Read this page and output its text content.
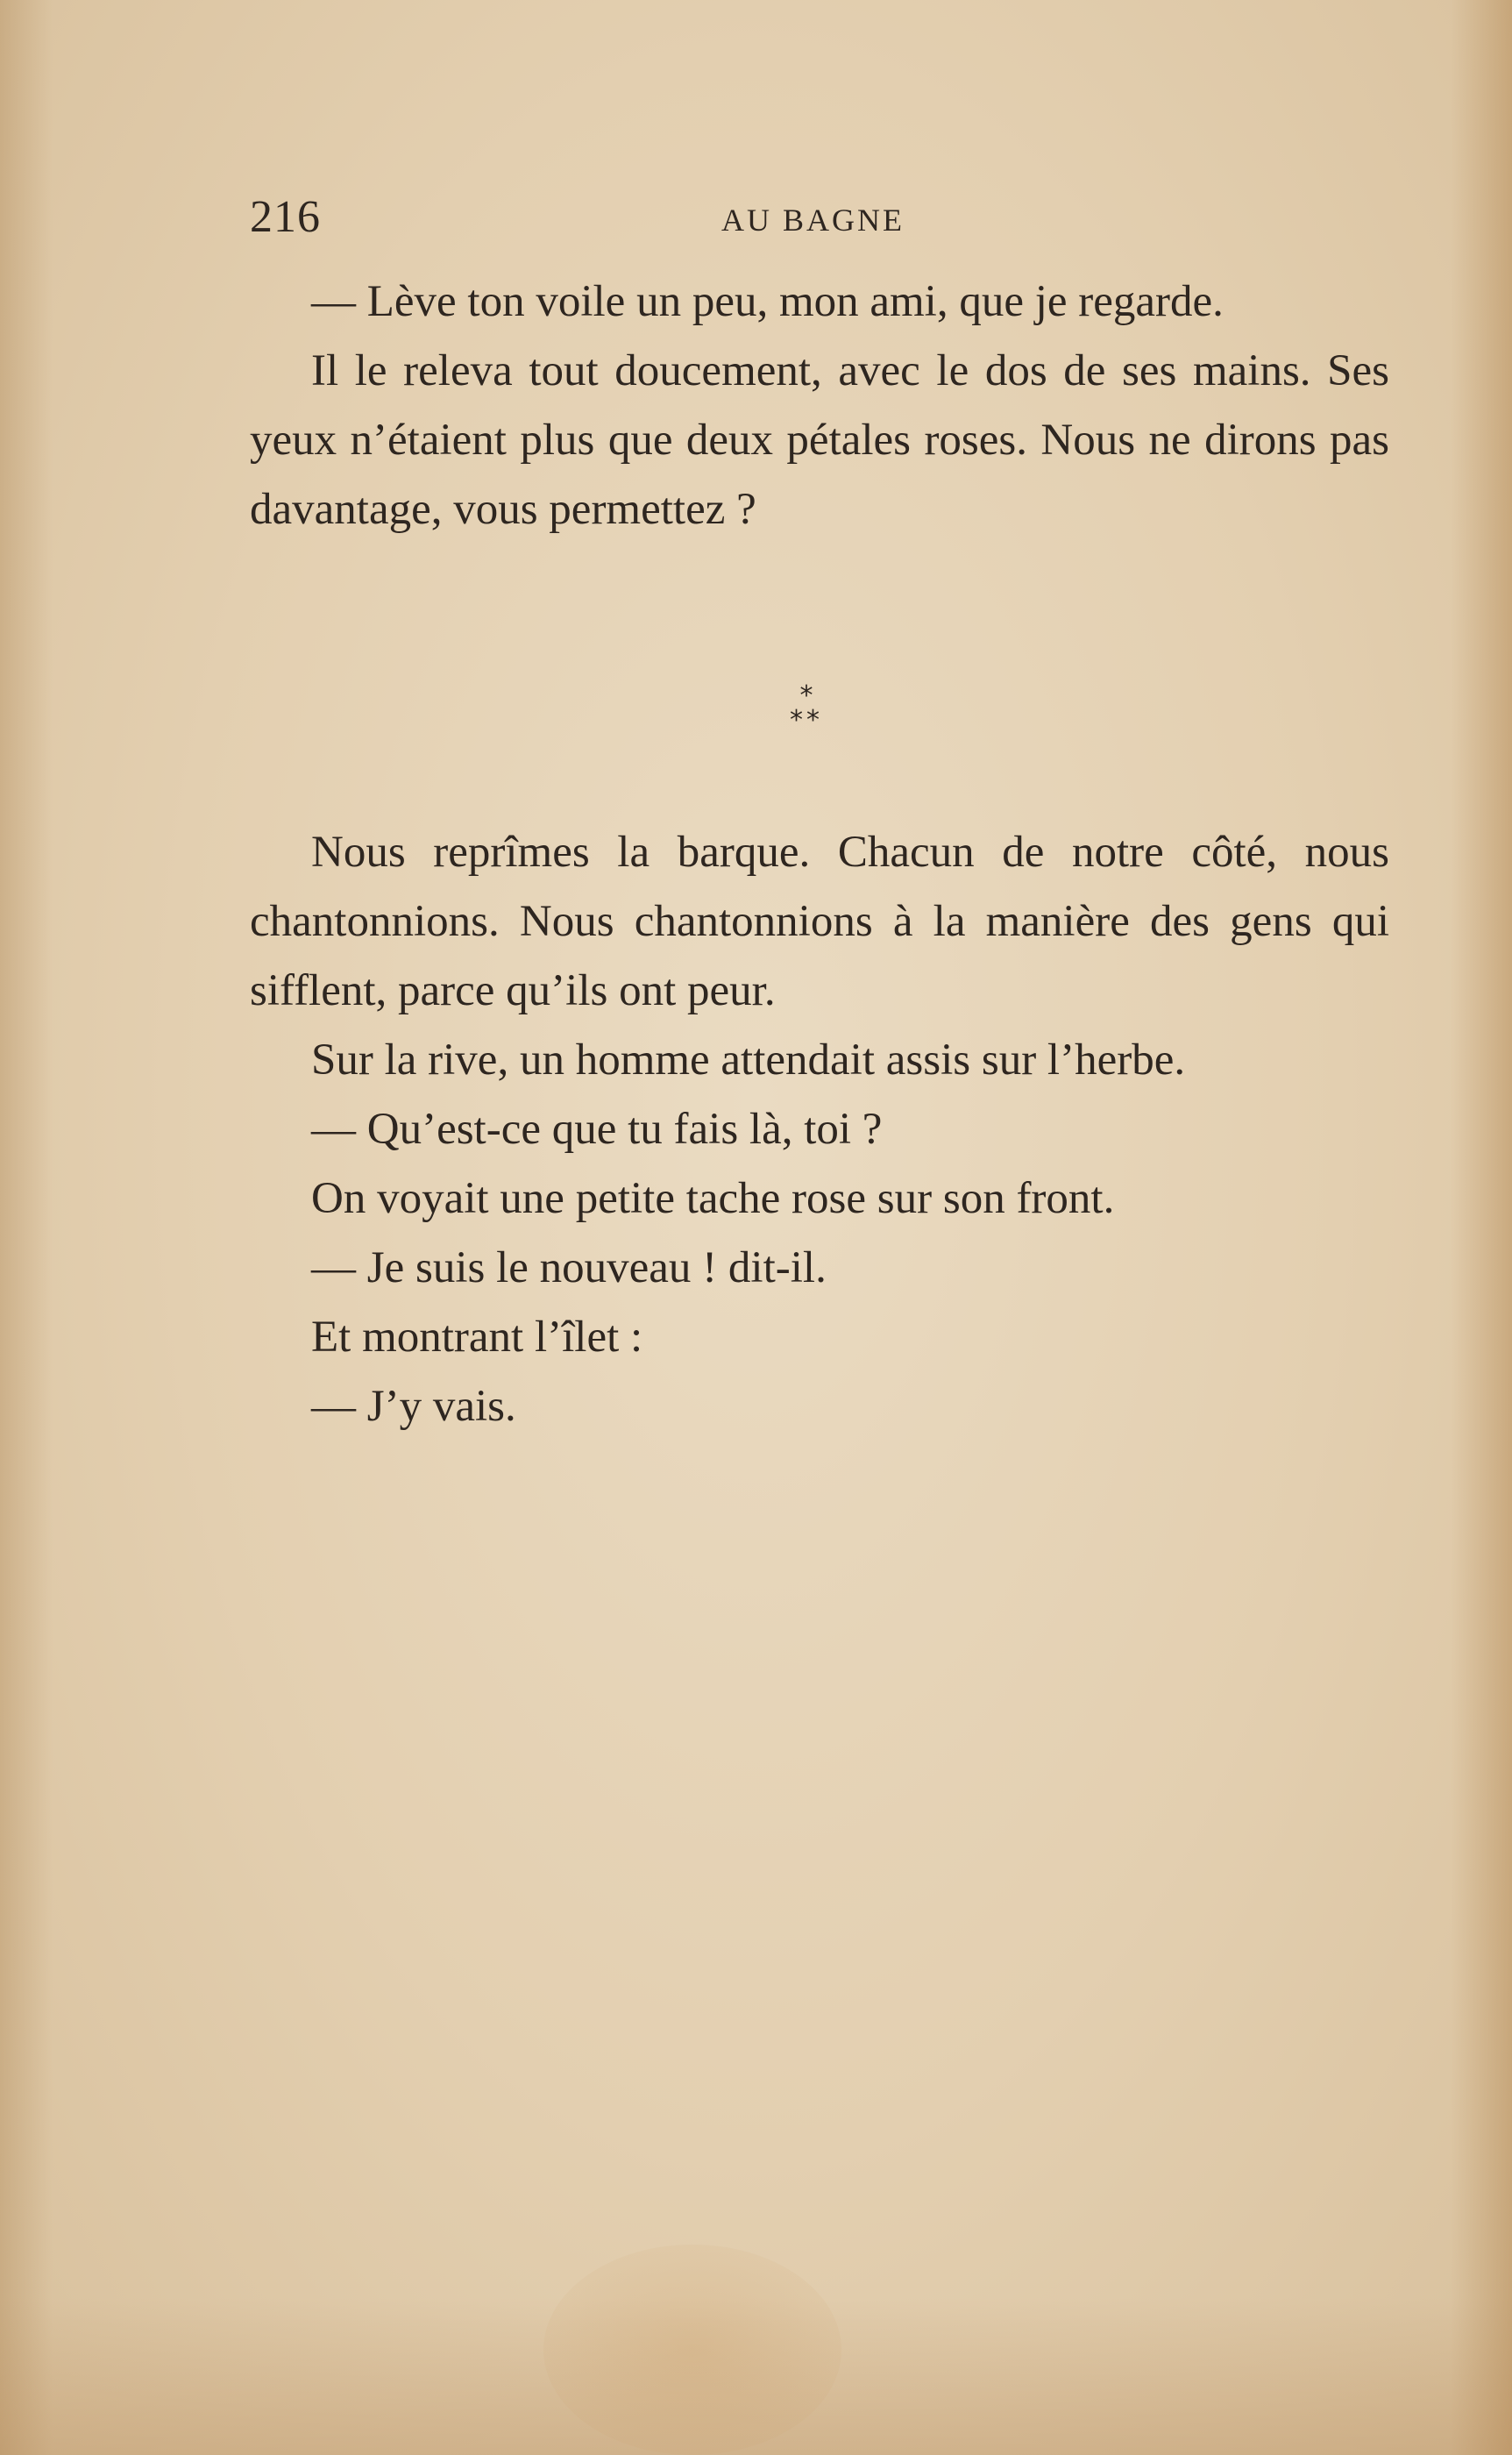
216	AU BAGNE

— Lève ton voile un peu, mon ami, que je regarde.

Il le releva tout doucement, avec le dos de ses mains. Ses yeux n’étaient plus que deux pétales roses. Nous ne dirons pas davantage, vous permettez ?

*
**

Nous reprîmes la barque. Chacun de notre côté, nous chantonnions. Nous chantonnions à la manière des gens qui sifflent, parce qu’ils ont peur.

Sur la rive, un homme attendait assis sur l’herbe.

— Qu’est-ce que tu fais là, toi ?

On voyait une petite tache rose sur son front.

— Je suis le nouveau ! dit-il.

Et montrant l’îlet :

— J’y vais.
